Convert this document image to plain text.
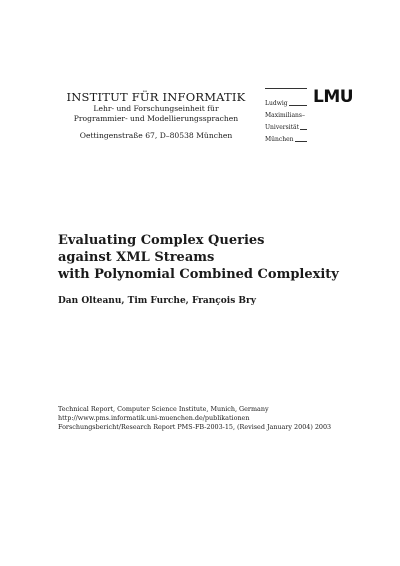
INSTITUT FÜR INFORMATIK
Lehr- und Forschungseinheit für
Programmier- und Modellierungssprachen
Oettingenstraße 67, D–80538 München
Ludwig
Maximilians–
Universität
München
LMU
Evaluating Complex Queries
against XML Streams
with Polynomial Combined Complexity
Dan Olteanu, Tim Furche, François Bry
Technical Report, Computer Science Institute, Munich, Germany
http://www.pms.informatik.uni-muenchen.de/publikationen
Forschungsbericht/Research Report PMS-FB-2003-15, (Revised January 2004) 2003
